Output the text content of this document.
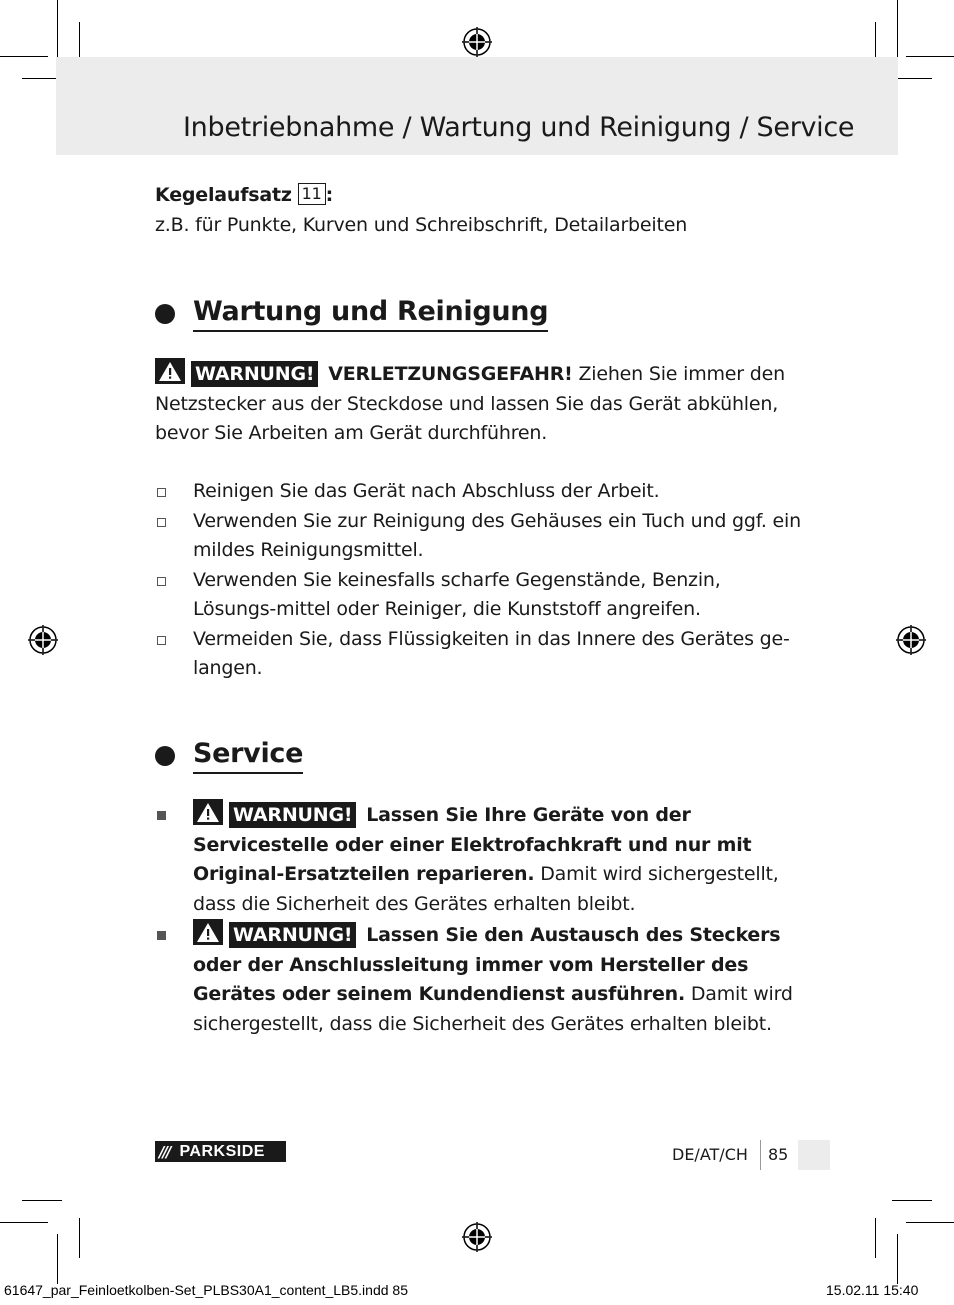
Inbetriebnahme / Wartung und Reinigung / Service
Kegelaufsatz 11 :
z.B. für Punkte, Kurven und Schreibschrift, Detailarbeiten
Wartung und Reinigung
WARNUNG! VERLETZUNGSGEFAHR! Ziehen Sie immer den Netzstecker aus der Steckdose und lassen Sie das Gerät abkühlen, bevor Sie Arbeiten am Gerät durchführen.
Reinigen Sie das Gerät nach Abschluss der Arbeit.
Verwenden Sie zur Reinigung des Gehäuses ein Tuch und ggf. ein mildes Reinigungsmittel.
Verwenden Sie keinesfalls scharfe Gegenstände, Benzin, Lösungs-mittel oder Reiniger, die Kunststoff angreifen.
Vermeiden Sie, dass Flüssigkeiten in das Innere des Gerätes ge-langen.
Service
WARNUNG! Lassen Sie Ihre Geräte von der Servicestelle oder einer Elektrofachkraft und nur mit Original-Ersatzteilen reparieren. Damit wird sichergestellt, dass die Sicherheit des Gerätes erhalten bleibt.
WARNUNG! Lassen Sie den Austausch des Steckers oder der Anschlussleitung immer vom Hersteller des Gerätes oder seinem Kundendienst ausführen. Damit wird sichergestellt, dass die Sicherheit des Gerätes erhalten bleibt.
/// PARKSIDE	DE/AT/CH 85
61647_par_Feinloetkolben-Set_PLBS30A1_content_LB5.indd 85	15.02.11 15:40
